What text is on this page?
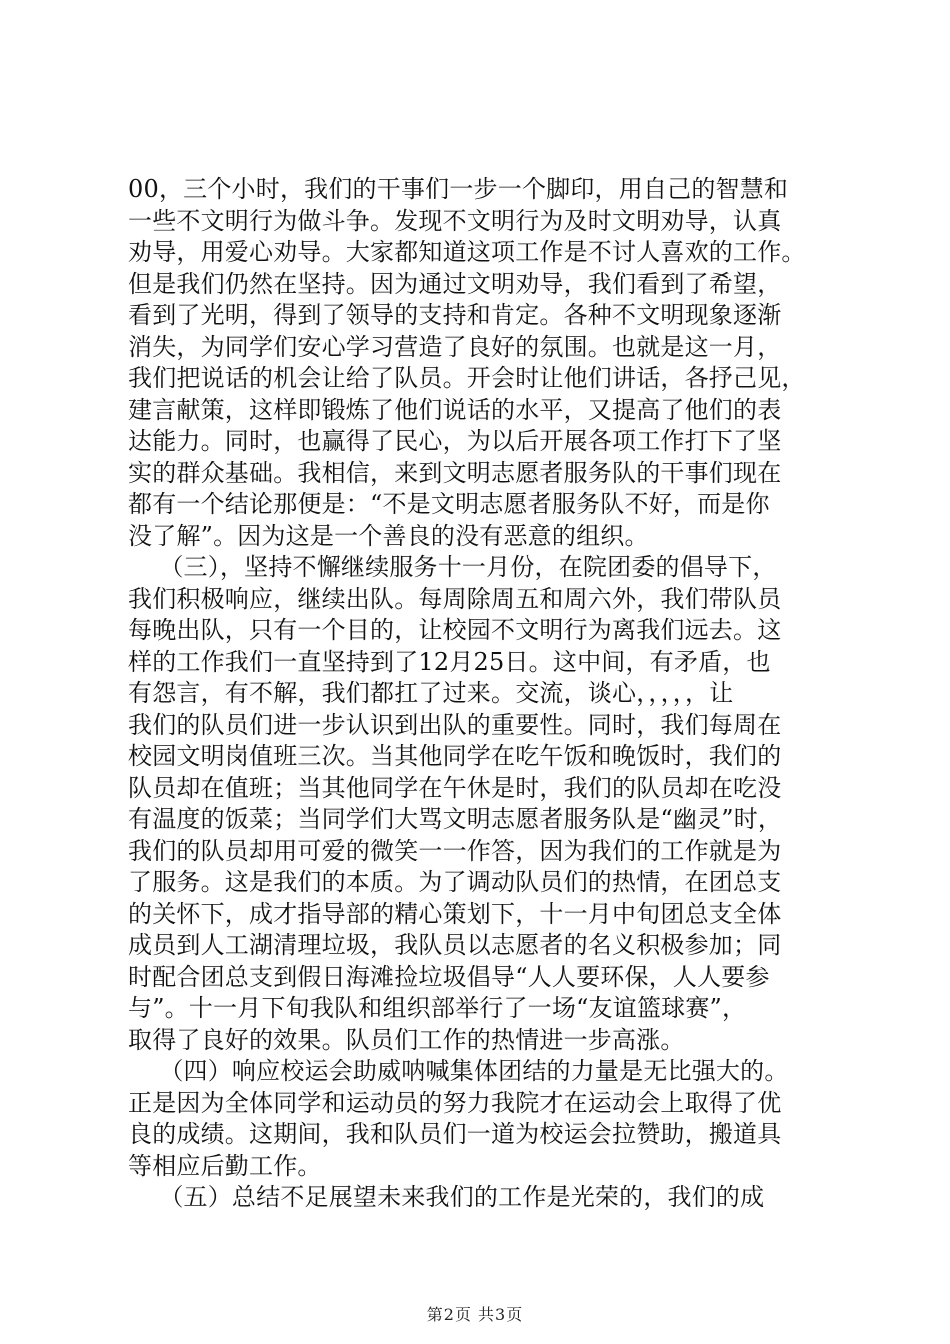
00，三个小时，我们的干事们一步一个脚印，用自己的智慧和
一些不文明行为做斗争。发现不文明行为及时文明劝导，认真
劝导，用爱心劝导。大家都知道这项工作是不讨人喜欢的工作。
但是我们仍然在坚持。因为通过文明劝导，我们看到了希望，
看到了光明，得到了领导的支持和肯定。各种不文明现象逐渐
消失，为同学们安心学习营造了良好的氛围。也就是这一月，
我们把说话的机会让给了队员。开会时让他们讲话，各抒己见，
建言献策，这样即锻炼了他们说话的水平，又提高了他们的表
达能力。同时，也赢得了民心，为以后开展各项工作打下了坚
实的群众基础。我相信，来到文明志愿者服务队的干事们现在
都有一个结论那便是：“不是文明志愿者服务队不好，而是你
没了解”。因为这是一个善良的没有恶意的组织。
（三），坚持不懈继续服务十一月份，在院团委的倡导下，
我们积极响应，继续出队。每周除周五和周六外，我们带队员
每晚出队，只有一个目的，让校园不文明行为离我们远去。这
样的工作我们一直坚持到了12月25日。这中间，有矛盾，也
有怨言，有不解，我们都扛了过来。交流，谈心，，，，，让
我们的队员们进一步认识到出队的重要性。同时，我们每周在
校园文明岗值班三次。当其他同学在吃午饭和晚饭时，我们的
队员却在值班；当其他同学在午休是时，我们的队员却在吃没
有温度的饭菜；当同学们大骂文明志愿者服务队是“幽灵”时，
我们的队员却用可爱的微笑一一作答，因为我们的工作就是为
了服务。这是我们的本质。为了调动队员们的热情，在团总支
的关怀下，成才指导部的精心策划下，十一月中旬团总支全体
成员到人工湖清理垃圾，我队员以志愿者的名义积极参加；同
时配合团总支到假日海滩捡垃圾倡导“人人要环保，人人要参
与”。十一月下旬我队和组织部举行了一场“友谊篮球赛”，
取得了良好的效果。队员们工作的热情进一步高涨。
（四）响应校运会助威呐喊集体团结的力量是无比强大的。
正是因为全体同学和运动员的努力我院才在运动会上取得了优
良的成绩。这期间，我和队员们一道为校运会拉赞助，搬道具
等相应后勤工作。
（五）总结不足展望未来我们的工作是光荣的，我们的成
第2页 共3页
